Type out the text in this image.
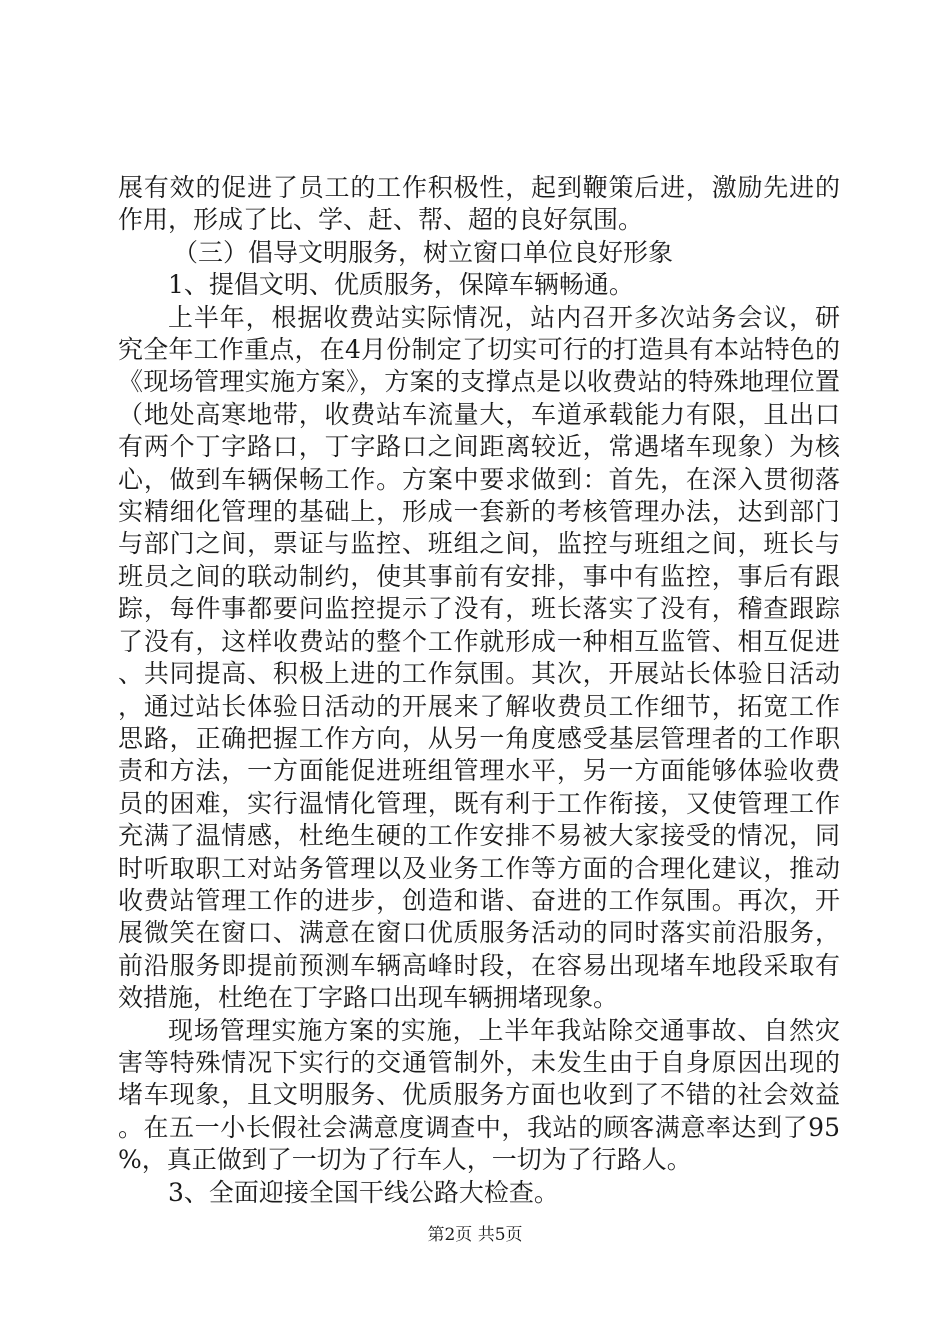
展有效的促进了员工的工作积极性，起到鞭策后进，激励先进的作用，形成了比、学、赶、帮、超的良好氛围。

（三）倡导文明服务，树立窗口单位良好形象

1、提倡文明、优质服务，保障车辆畅通。

上半年，根据收费站实际情况，站内召开多次站务会议，研究全年工作重点，在4月份制定了切实可行的打造具有本站特色的《现场管理实施方案》，方案的支撑点是以收费站的特殊地理位置（地处高寒地带，收费站车流量大，车道承载能力有限，且出口有两个丁字路口，丁字路口之间距离较近，常遇堵车现象）为核心，做到车辆保畅工作。方案中要求做到：首先，在深入贯彻落实精细化管理的基础上，形成一套新的考核管理办法，达到部门与部门之间，票证与监控、班组之间，监控与班组之间，班长与班员之间的联动制约，使其事前有安排，事中有监控，事后有跟踪，每件事都要问监控提示了没有，班长落实了没有，稽查跟踪了没有，这样收费站的整个工作就形成一种相互监管、相互促进、共同提高、积极上进的工作氛围。其次，开展站长体验日活动，通过站长体验日活动的开展来了解收费员工作细节，拓宽工作思路，正确把握工作方向，从另一角度感受基层管理者的工作职责和方法，一方面能促进班组管理水平，另一方面能够体验收费员的困难，实行温情化管理，既有利于工作衔接，又使管理工作充满了温情感，杜绝生硬的工作安排不易被大家接受的情况，同时听取职工对站务管理以及业务工作等方面的合理化建议，推动收费站管理工作的进步，创造和谐、奋进的工作氛围。再次，开展微笑在窗口、满意在窗口优质服务活动的同时落实前沿服务，前沿服务即提前预测车辆高峰时段，在容易出现堵车地段采取有效措施，杜绝在丁字路口出现车辆拥堵现象。

现场管理实施方案的实施，上半年我站除交通事故、自然灾害等特殊情况下实行的交通管制外，未发生由于自身原因出现的堵车现象，且文明服务、优质服务方面也收到了不错的社会效益。在五一小长假社会满意度调查中，我站的顾客满意率达到了95%，真正做到了一切为了行车人，一切为了行路人。

3、全面迎接全国干线公路大检查。

第2页 共5页
